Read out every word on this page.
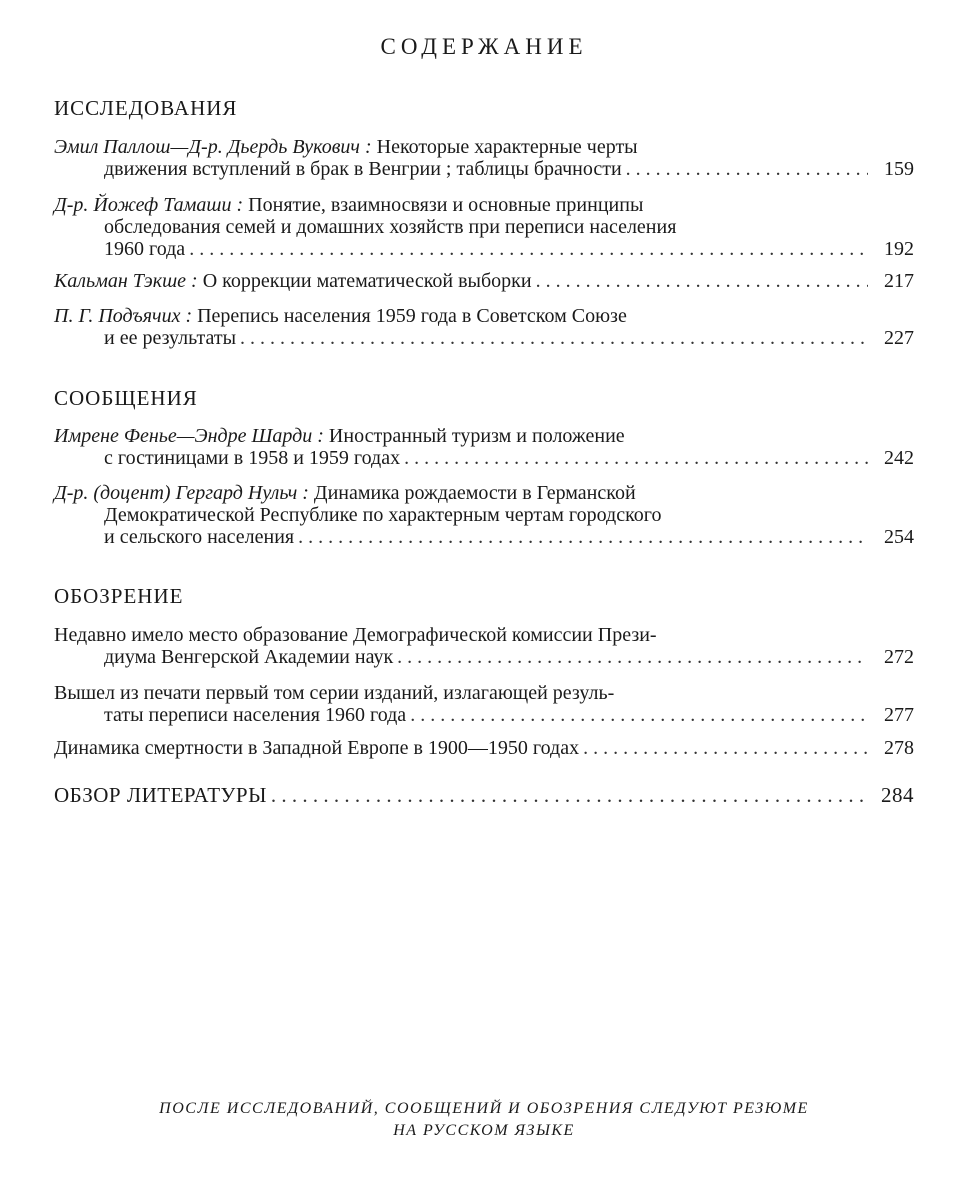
СОДЕРЖАНИЕ
ИССЛЕДОВАНИЯ
Эмил Паллош—Д-р. Дьердь Вукович : Некоторые характерные черты
движения вступлений в брак в Венгрии ; таблицы брачности . . .	159
Д-р. Йожеф Тамаши : Понятие, взаимносвязи и основные принципы
обследования семей и домашних хозяйств при переписи населения
1960 года . . .	192
Кальман Тэкше :
О коррекции математической выборки . . .	217
П. Г. Подъячих : Перепись населения 1959 года в Советском Союзе
и ее результаты . . .	227
СООБЩЕНИЯ
Имрене Фенье—Эндре Шарди : Иностранный туризм и положение
с гостиницами в 1958 и 1959 годах . . .	242
Д-р. (доцент) Гергард Нульч : Динамика рождаемости в Германской
Демократической Республике по характерным чертам городского
и сельского населения . . .	254
ОБОЗРЕНИЕ
Недавно имело место образование Демографической комиссии Прези-
диума Венгерской Академии наук . . .	272
Вышел из печати первый том серии изданий, излагающей резуль-
таты переписи населения 1960 года . . .	277
Динамика смертности в Западной Европе в 1900—1950 годах . . .	278
ОБЗОР ЛИТЕРАТУРЫ . . .	284
ПОСЛЕ ИССЛЕДОВАНИЙ, СООБЩЕНИЙ И ОБОЗРЕНИЯ СЛЕДУЮТ РЕЗЮМЕ
НА РУССКОМ ЯЗЫКЕ
